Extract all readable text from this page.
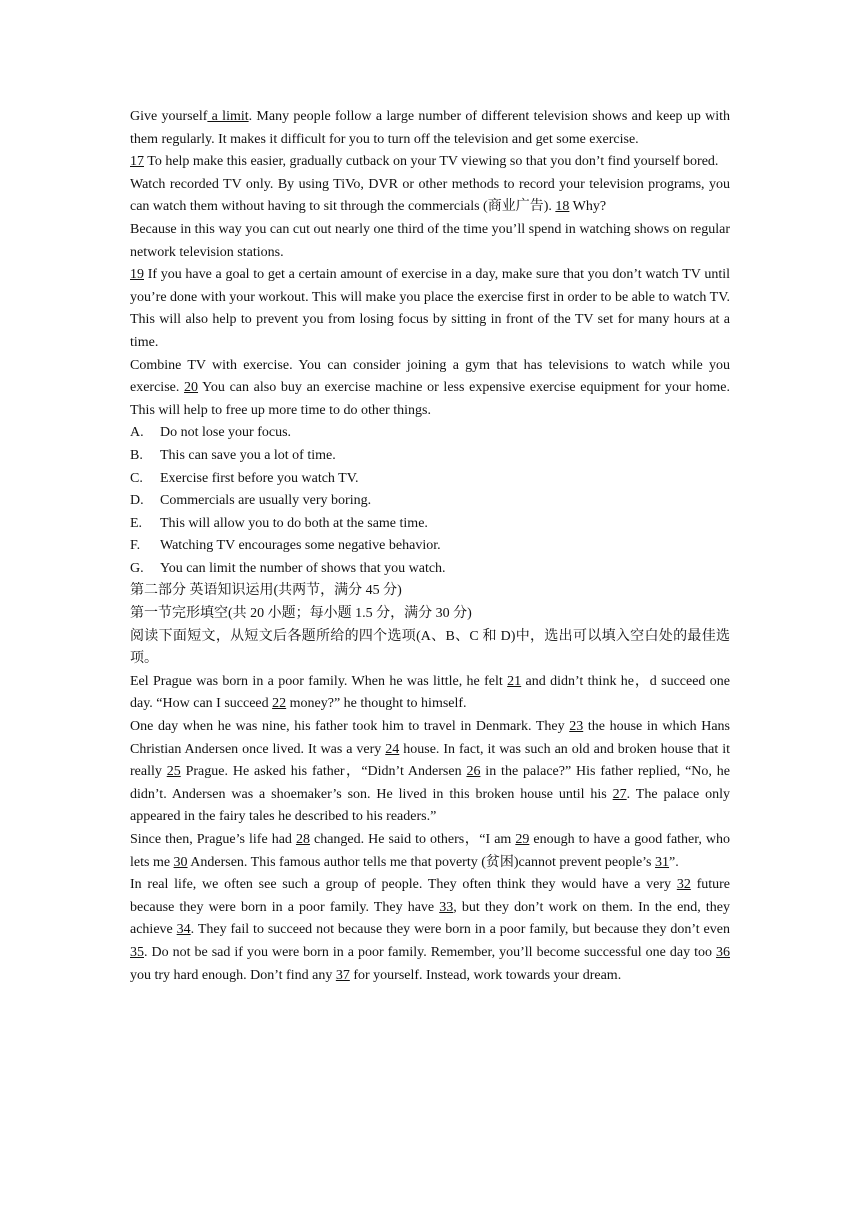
Give yourself a limit. Many people follow a large number of different television shows and keep up with them regularly. It makes it difficult for you to turn off the television and get some exercise.

17 To help make this easier, gradually cutback on your TV viewing so that you don’t find yourself bored.

Watch recorded TV only. By using TiVo, DVR or other methods to record your television programs, you can watch them without having to sit through the commercials (商业广告). 18 Why?

Because in this way you can cut out nearly one third of the time you’ll spend in watching shows on regular network television stations.

19 If you have a goal to get a certain amount of exercise in a day, make sure that you don’t watch TV until you’re done with your workout. This will make you place the exercise first in order to be able to watch TV. This will also help to prevent you from losing focus by sitting in front of the TV set for many hours at a time.

Combine TV with exercise. You can consider joining a gym that has televisions to watch while you exercise. 20 You can also buy an exercise machine or less expensive exercise equipment for your home. This will help to free up more time to do other things.

A.	Do not lose your focus.
B.	This can save you a lot of time.
C.	Exercise first before you watch TV.
D.	Commercials are usually very boring.
E.	This will allow you to do both at the same time.
F.	Watching TV encourages some negative behavior.
G.	You can limit the number of shows that you watch.

第二部分 英语知识运用(共两节，满分 45 分)

第一节完形填空(共 20 小题；每小题 1.5 分，满分 30 分)

阅读下面短文，从短文后各题所给的四个选项(A、B、C 和 D)中，选出可以填入空白处的最佳选项。

Eel Prague was born in a poor family. When he was little, he felt 21 and didn’t think he，d succeed one day. “How can I succeed 22 money?” he thought to himself.

One day when he was nine, his father took him to travel in Denmark. They 23 the house in which Hans Christian Andersen once lived. It was a very 24 house. In fact, it was such an old and broken house that it really 25 Prague. He asked his father，“Didn’t Andersen 26 in the palace?” His father replied, “No, he didn’t. Andersen was a shoemaker’s son. He lived in this broken house until his 27. The palace only appeared in the fairy tales he described to his readers.”

Since then, Prague’s life had 28 changed. He said to others，“I am 29 enough to have a good father, who lets me 30 Andersen. This famous author tells me that poverty (贫困)cannot prevent people’s 31”.

In real life, we often see such a group of people. They often think they would have a very 32 future because they were born in a poor family. They have 33, but they don’t work on them. In the end, they achieve 34. They fail to succeed not because they were born in a poor family, but because they don’t even 35. Do not be sad if you were born in a poor family. Remember, you’ll become successful one day too 36 you try hard enough. Don’t find any 37 for yourself. Instead, work towards your dream.
